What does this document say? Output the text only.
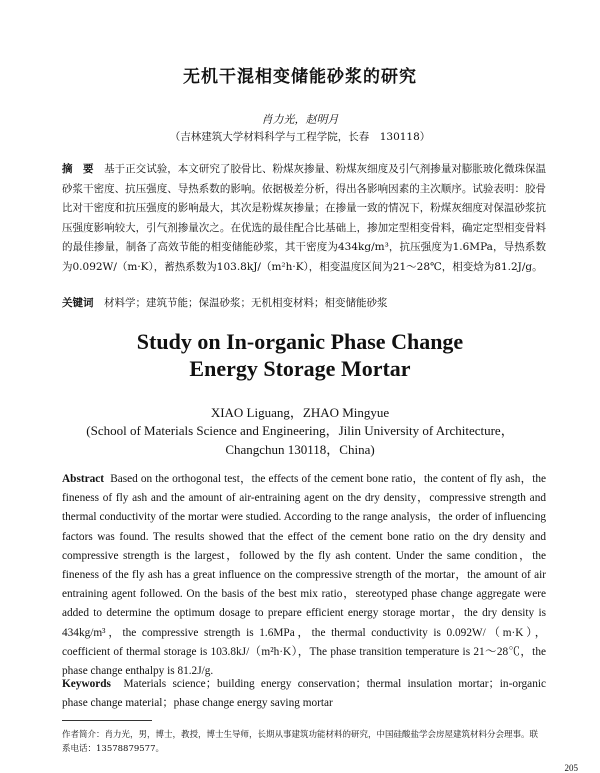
无机干混相变储能砂浆的研究
肖力光，赵明月
（吉林建筑大学材料科学与工程学院，长春　130118）

摘　要　 基于正交试验，本文研究了胶骨比、粉煤灰掺量、粉煤灰细度及引气剂掺量对膨胀玻化微珠保温砂浆干密度、抗压强度、导热系数的影响。依据极差分析，得出各影响因素的主次顺序。试验表明：胶骨比对干密度和抗压强度的影响最大，其次是粉煤灰掺量；在掺量一致的情况下，粉煤灰细度对保温砂浆抗压强度影响较大，引气剂掺量次之。在优选的最佳配合比基础上，掺加定型相变骨料，确定定型相变骨料的最佳掺量，制备了高效节能的相变储能砂浆，其干密度为434kg/m³，抗压强度为1.6MPa，导热系数为0.092W/（m·K），蓄热系数为103.8kJ/（m²h·K），相变温度区间为21～28℃，相变焓为81.2J/g。

关键词　 材料学；建筑节能；保温砂浆；无机相变材料；相变储能砂浆

Study on In-organic Phase Change
Energy Storage Mortar
XIAO Liguang，ZHAO Mingyue
(School of Materials Science and Engineering，Jilin University of Architecture，
Changchun 130118，China)

Abstract Based on the orthogonal test，the effects of the cement bone ratio，the content of fly ash，the fineness of fly ash and the amount of air-entraining agent on the dry density，compressive strength and thermal conductivity of the mortar were studied. According to the range analysis，the order of influencing factors was found. The results showed that the effect of the cement bone ratio on the dry density and compressive strength is the largest，followed by the fly ash content. Under the same condition，the fineness of the fly ash has a great influence on the compressive strength of the mortar，the amount of air entraining agent followed. On the basis of the best mix ratio，stereotyped phase change aggregate were added to determine the optimum dosage to prepare efficient energy storage mortar，the dry density is 434kg/m³，the compressive strength is 1.6MPa，the thermal conductivity is 0.092W/（m·K），coefficient of thermal storage is 103.8kJ/（m²h·K），The phase transition temperature is 21～28℃，the phase change enthalpy is 81.2J/g.

Keywords Materials science；building energy conservation；thermal insulation mortar；in-organic phase change material；phase change energy saving mortar

作者简介：肖力光，男，博士，教授，博士生导师，长期从事建筑功能材料的研究，中国硅酸盐学会房屋建筑材料分会理事。联系电话：13578879577。

205
